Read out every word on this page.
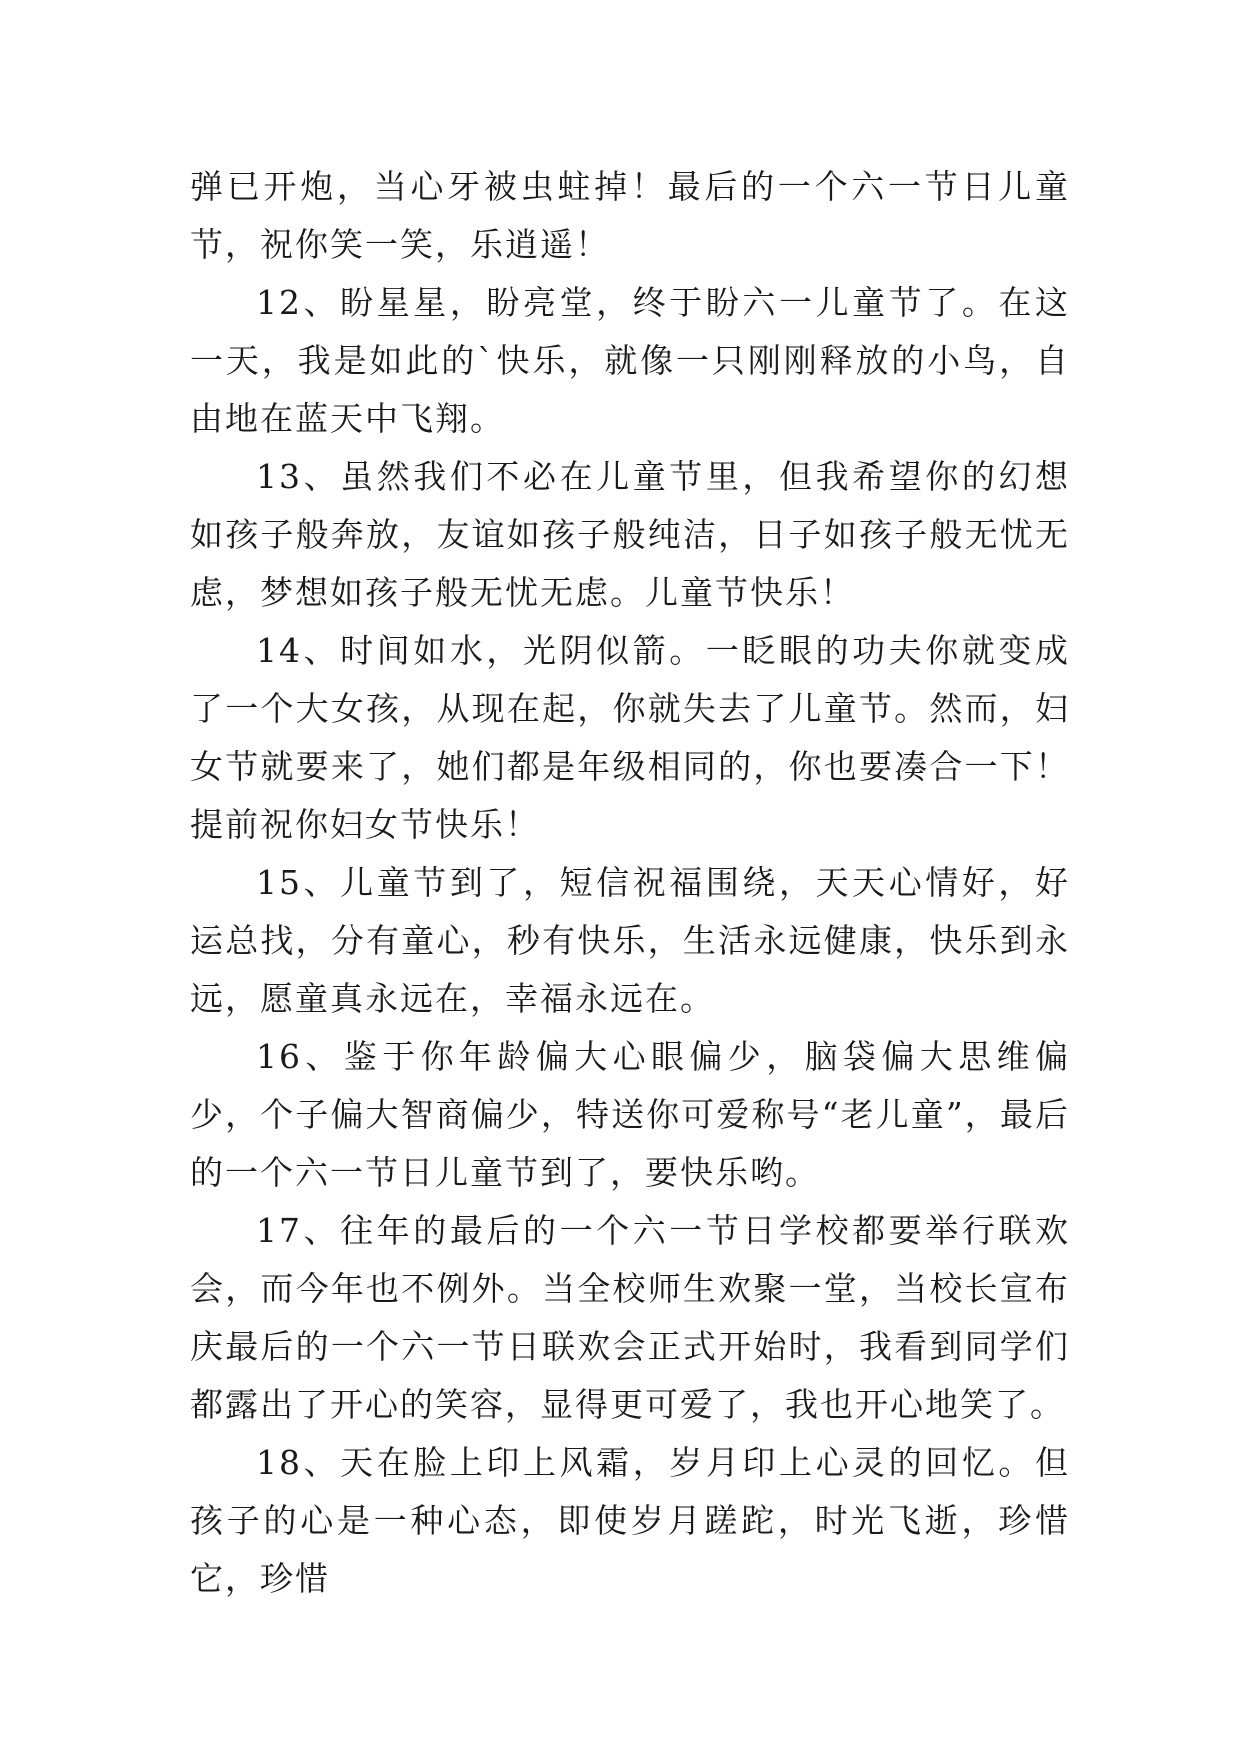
弹已开炮，当心牙被虫蛀掉！最后的一个六一节日儿童节，祝你笑一笑，乐逍遥！

12、盼星星，盼亮堂，终于盼六一儿童节了。在这一天，我是如此的`快乐，就像一只刚刚释放的小鸟，自由地在蓝天中飞翔。

13、虽然我们不必在儿童节里，但我希望你的幻想如孩子般奔放，友谊如孩子般纯洁，日子如孩子般无忧无虑，梦想如孩子般无忧无虑。儿童节快乐！

14、时间如水，光阴似箭。一眨眼的功夫你就变成了一个大女孩，从现在起，你就失去了儿童节。然而，妇女节就要来了，她们都是年级相同的，你也要凑合一下！提前祝你妇女节快乐！

15、儿童节到了，短信祝福围绕，天天心情好，好运总找，分有童心，秒有快乐，生活永远健康，快乐到永远，愿童真永远在，幸福永远在。

16、鉴于你年龄偏大心眼偏少，脑袋偏大思维偏少，个子偏大智商偏少，特送你可爱称号“老儿童”，最后的一个六一节日儿童节到了，要快乐哟。

17、往年的最后的一个六一节日学校都要举行联欢会，而今年也不例外。当全校师生欢聚一堂，当校长宣布庆最后的一个六一节日联欢会正式开始时，我看到同学们都露出了开心的笑容，显得更可爱了，我也开心地笑了。

18、天在脸上印上风霜，岁月印上心灵的回忆。但孩子的心是一种心态，即使岁月蹉跎，时光飞逝，珍惜它，珍惜
